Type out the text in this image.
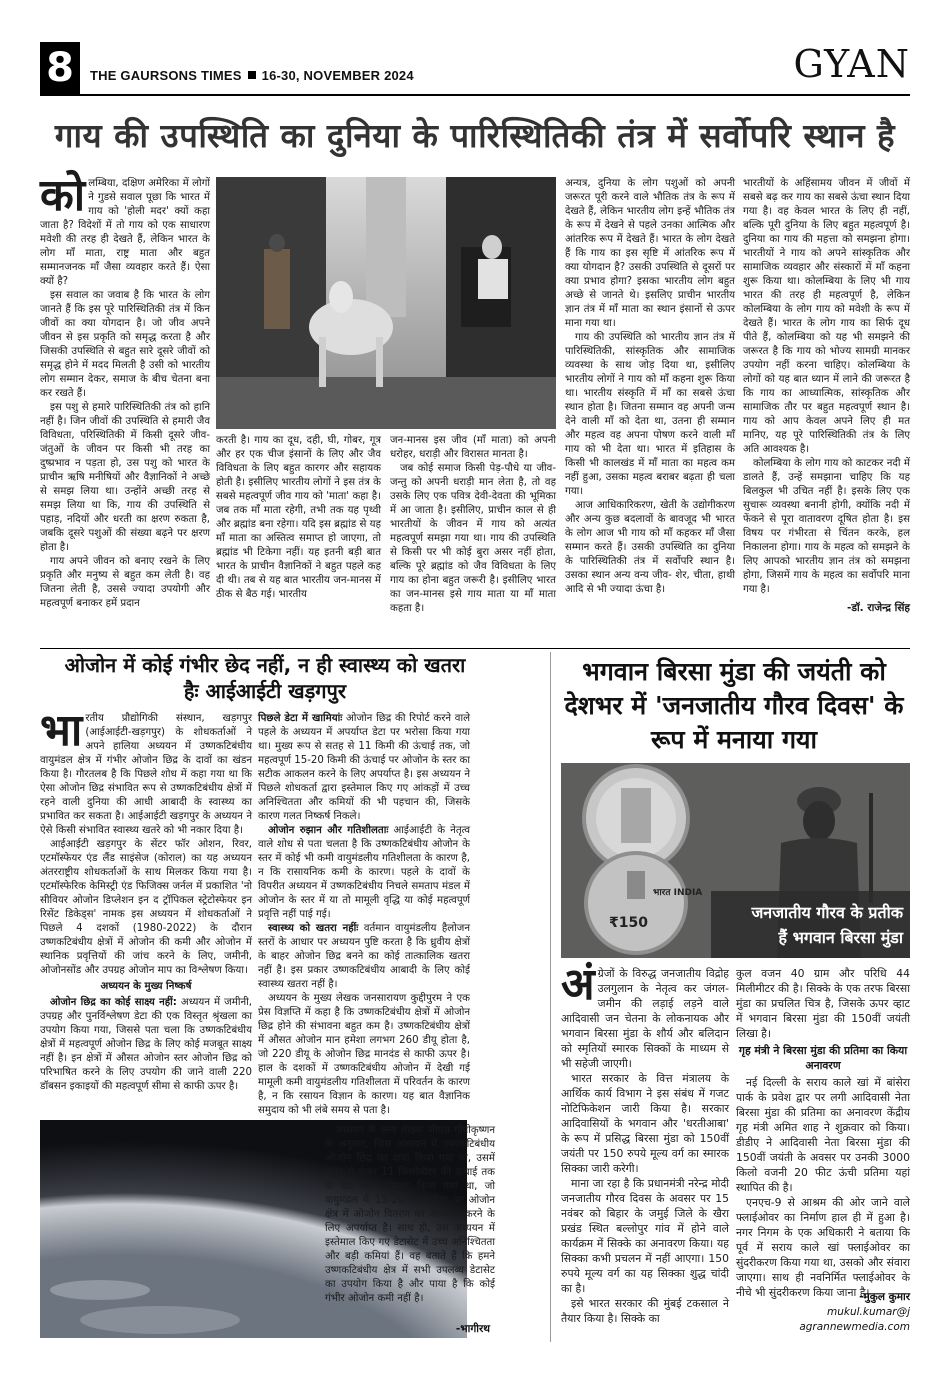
8	THE GAURSONS TIMES 16-30, NOVEMBER 2024	GYAN
गाय की उपस्थिति का दुनिया के पारिस्थितिकी तंत्र में सर्वोपरि स्थान है
को लम्बिया, दक्षिण अमेरिका में लोगों ने गुडसे सवाल पूछा कि भारत में गाय को 'होली मदर' क्यों कहा जाता है? विदेशों में तो गाय को एक साधारण मवेशी की तरह ही देखते हैं, लेकिन भारत के लोग माँ माता, राष्ट्र माता और बहुत सम्मानजनक माँ जैसा व्यवहार करते हैं। ऐसा क्यों है?

इस सवाल का जवाब है कि भारत के लोग जानते हैं कि इस पूरे पारिस्थितिकी तंत्र में किन जीवों का क्या योगदान है। जो जीव अपने जीवन से इस प्रकृति को समृद्ध करता है और जिसकी उपस्थिति से बहुत सारे दूसरे जीवों को समृद्ध होने में मदद मिलती है उसी को भारतीय लोग सम्मान देकर, समाज के बीच चेतना बना कर रखते हैं।

इस पशु से हमारे पारिस्थितिकी तंत्र को हानि नहीं है। जिन जीवों की उपस्थिति से हमारी जैव विविधता, परिस्थितिकी में किसी दूसरे जीव-जंतुओं के जीवन पर किसी भी तरह का दुष्प्रभाव न पड़ता हो, उस पशु को भारत के प्राचीन ऋषि मनीषियों और वैज्ञानिकों ने अच्छे से समझ लिया था। उन्होंने अच्छी तरह से समझ लिया था कि, गाय की उपस्थिति से पहाड़, नदियों और धरती का क्षरण रुकता है, जबकि दूसरे पशुओं की संख्या बढ़ने पर क्षरण होता है।

गाय अपने जीवन को बनाए रखने के लिए प्रकृति और मनुष्य से बहुत कम लेती है। वह जितना लेती है, उससे ज्यादा उपयोगी और महत्वपूर्ण बनाकर हमें प्रदान

करती है। गाय का दूध, दही, घी, गोबर, गूत्र और हर एक चीज इंसानों के लिए और जैव विविधता के लिए बहुत कारगर और सहायक होती है। इसीलिए भारतीय लोगों ने इस तंत्र के सबसे महत्वपूर्ण जीव गाय को 'माता' कहा है। जब तक माँ माता रहेगी, तभी तक यह पृथ्वी और ब्रह्मांड बना रहेगा। यदि इस ब्रह्मांड से यह माँ माता का अस्तित्व समाप्त हो जाएगा, तो ब्रह्मांड भी टिकेगा नहीं। यह इतनी बड़ी बात भारत के प्राचीन वैज्ञानिकों ने बहुत पहले कह दी थी। तब से यह बात भारतीय जन-मानस में ठीक से बैठ गई। भारतीय

जन-मानस इस जीव (माँ माता) को अपनी धरोहर, धराड़ी और विरासत मानता है।

जब कोई समाज किसी पेड़-पौधे या जीव-जन्तु को अपनी धराड़ी मान लेता है, तो वह उसके लिए एक पवित्र देवी-देवता की भूमिका में आ जाता है। इसीलिए, प्राचीन काल से ही भारतीयों के जीवन में गाय को अत्यंत महत्वपूर्ण समझा गया था। गाय की उपस्थिति से किसी पर भी कोई बुरा असर नहीं होता, बल्कि पूरे ब्रह्मांड को जैव विविधता के लिए गाय का होना बहुत जरूरी है। इसीलिए भारत का जन-मानस इसे गाय माता या माँ माता कहता है।

अन्यत्र, दुनिया के लोग पशुओं को अपनी जरूरत पूरी करने वाले भौतिक तंत्र के रूप में देखते हैं, लेकिन भारतीय लोग इन्हें भौतिक तंत्र के रूप में देखने से पहले उनका आत्मिक और आंतरिक रूप में देखते हैं। भारत के लोग देखते हैं कि गाय का इस सृष्टि में आंतरिक रूप में क्या योगदान है? उसकी उपस्थिति से दूसरों पर क्या प्रभाव होगा? इसका भारतीय लोग बहुत अच्छे से जानते थे। इसलिए प्राचीन भारतीय ज्ञान तंत्र में माँ माता का स्थान इंसानों से ऊपर माना गया था।

गाय की उपस्थिति को भारतीय ज्ञान तंत्र में पारिस्थितिकी, सांस्कृतिक और सामाजिक व्यवस्था के साथ जोड़ दिया था, इसीलिए भारतीय लोगों ने गाय को माँ कहना शुरू किया था। भारतीय संस्कृति में माँ का सबसे ऊंचा स्थान होता है। जितना सम्मान वह अपनी जन्म देने वाली माँ को देता था, उतना ही सम्मान और महत्व वह अपना पोषण करने वाली माँ गाय को भी देता था। भारत में इतिहास के किसी भी कालखंड में माँ माता का महत्व कम नहीं हुआ, उसका महत्व बराबर बढ़ता ही चला गया।

आज आधिकारिकरण, खेती के उद्योगीकरण और अन्य कुछ बदलावों के बावजूद भी भारत के लोग आज भी गाय को माँ कहकर माँ जैसा सम्मान करते हैं। उसकी उपस्थिति का दुनिया के पारिस्थितिकी तंत्र में सर्वोपरि स्थान है। उसका स्थान अन्य वन्य जीव- शेर, चीता, हाथी आदि से भी ज्यादा ऊंचा है।

भारतीयों के अहिंसामय जीवन में जीवों में सबसे बढ़ कर गाय का सबसे ऊंचा स्थान दिया गया है। वह केवल भारत के लिए ही नहीं, बल्कि पूरी दुनिया के लिए बहुत महत्वपूर्ण है। दुनिया का गाय की महत्ता को समझना होगा। भारतीयों ने गाय को अपने सांस्कृतिक और सामाजिक व्यवहार और संस्कारों में माँ कहना शुरू किया था। कोलम्बिया के लिए भी गाय भारत की तरह ही महत्वपूर्ण है, लेकिन कोलम्बिया के लोग गाय को मवेशी के रूप में देखते हैं। भारत के लोग गाय का सिर्फ दूध पीते हैं, कोलम्बिया को यह भी समझने की जरूरत है कि गाय को भोज्य सामग्री मानकर उपयोग नहीं करना चाहिए। कोलम्बिया के लोगों को यह बात ध्यान में लाने की जरूरत है कि गाय का आध्यात्मिक, सांस्कृतिक और सामाजिक तौर पर बहुत महत्वपूर्ण स्थान है। गाय को आप केवल अपने लिए ही मत मानिए, यह पूरे पारिस्थितिकी तंत्र के लिए अति आवश्यक है।

कोलम्बिया के लोग गाय को काटकर नदी में डालते हैं, उन्हें समझाना चाहिए कि यह बिलकुल भी उचित नहीं है। इसके लिए एक सुचारू व्यवस्था बनानी होगी, क्योंकि नदी में फेंकने से पूरा वातावरण दूषित होता है। इस विषय पर गंभीरता से चिंतन करके, हल निकालना होगा। गाय के महत्व को समझने के लिए आपको भारतीय ज्ञान तंत्र को समझना होगा, जिसमें गाय के महत्व का सर्वोपरि माना गया है।

-डॉ. राजेन्द्र सिंह
ओजोन में कोई गंभीर छेद नहीं, न ही स्वास्थ्य को खतरा हैः आईआईटी खड़गपुर
भा रतीय प्रौद्योगिकी संस्थान, खड़गपुर (आईआईटी-खड़गपुर) के शोधकर्ताओं ने अपने हालिया अध्ययन में उष्णकटिबंधीय वायुमंडल क्षेत्र में गंभीर ओजोन छिद्र के दावों का खंडन किया है। गौरतलब है कि पिछले शोध में कहा गया था कि ऐसा ओजोन छिद्र संभावित रूप से उष्णकटिबंधीय क्षेत्रों में रहने वाली दुनिया की आधी आबादी के स्वास्थ्य का प्रभावित कर सकता है। आईआईटी खड़गपुर के अध्ययन ने ऐसे किसी संभावित स्वास्थ्य खतरे को भी नकार दिया है।

आईआईटी खड़गपुर के सेंटर फॉर ओशन, रिवर, एटमॉस्फेयर एंड लैंड साइंसेज (कोराल) का यह अध्ययन अंतरराष्ट्रीय शोधकर्ताओं के साथ मिलकर किया गया है। एटमॉस्फेरिक केमिस्ट्री एंड फिजिक्स जर्नल में प्रकाशित 'नो सीवियर ओजोन डिप्लेशन इन द ट्रॉपिकल स्ट्रेटोस्फेयर इन रिसेंट डिकेड्स' नामक इस अध्ययन में शोधकर्ताओं ने पिछले 4 दशकों (1980-2022) के दौरान उष्णकटिबंधीय क्षेत्रों में ओजोन की कमी और ओजोन में स्थानिक प्रवृत्तियों की जांच करने के लिए, जमीनी, ओजोनसोंड और उपग्रह ओजोन माप का विश्लेषण किया।

अध्ययन के मुख्य निष्कर्ष

ओजोन छिद्र का कोई साक्ष्य नहीं: अध्ययन में जमीनी, उपग्रह और पुनर्विश्लेषण डेटा की एक विस्तृत श्रृंखला का उपयोग किया गया, जिससे पता चला कि उष्णकटिबंधीय क्षेत्रों में महत्वपूर्ण ओजोन छिद्र के लिए कोई मजबूत साक्ष्य नहीं है। इन क्षेत्रों में औसत ओजोन स्तर ओजोन छिद्र को परिभाषित करने के लिए उपयोग की जाने वाली 220 डॉबसन इकाइयों की महत्वपूर्ण सीमा से काफी ऊपर है।

पिछले डेटा में खामियांः ओजोन छिद्र की रिपोर्ट करने वाले पहले के अध्ययन में अपर्याप्त डेटा पर भरोसा किया गया था। मुख्य रूप से सतह से 11 किमी की ऊंचाई तक, जो महत्वपूर्ण 15-20 किमी की ऊंचाई पर ओजोन के स्तर का सटीक आकलन करने के लिए अपर्याप्त है। इस अध्ययन ने पिछले शोधकर्ता द्वारा इस्तेमाल किए गए आंकड़ों में उच्च अनिश्चितता और कमियों की भी पहचान की, जिसके कारण गलत निष्कर्ष निकले।

ओजोन रुझान और गतिशीलताः आईआईटी के नेतृत्व वाले शोध से पता चलता है कि उष्णकटिबंधीय ओजोन के स्तर में कोई भी कमी वायुमंडलीय गतिशीलता के कारण है, न कि रासायनिक कमी के कारण। पहले के दावों के विपरीत अध्ययन में उष्णकटिबंधीय निचले समताप मंडल में ओजोन के स्तर में या तो मामूली वृद्धि या कोई महत्वपूर्ण प्रवृत्ति नहीं पाई गई।

स्वास्थ्य को खतरा नहींः वर्तमान वायुमंडलीय हैलोजन स्तरों के आधार पर अध्ययन पुष्टि करता है कि ध्रुवीय क्षेत्रों के बाहर ओजोन छिद्र बनने का कोई तात्कालिक खतरा नहीं है। इस प्रकार उष्णकटिबंधीय आबादी के लिए कोई स्वास्थ्य खतरा नहीं है।

अध्ययन के मुख्य लेखक जनसारायण कुद्दीपुरम ने एक प्रेस विज्ञप्ति में कहा है कि उष्णकटिबंधीय क्षेत्रों में ओजोन छिद्र होने की संभावना बहुत कम है। उष्णकटिबंधीय क्षेत्रों में औसत ओजोन मान हमेशा लगभग 260 डीयू होता है, जो 220 डीयू के ओजोन छिद्र मानदंड से काफी ऊपर है। हाल के दशकों में उष्णकटिबंधीय ओजोन में देखी गई मामूली कमी वायुमंडलीय गतिशीलता में परिवर्तन के कारण है, न कि रसायन विज्ञान के कारण। यह बात वैज्ञानिक समुदाय को भी लंबे समय से पता है।

अध्ययन के अन्य लेखक जीएस गोपीकृष्णन के अनुसार, जिस अध्ययन में उष्णकटिबंधीय ओजोन छिद्र का दावा किया गया था, उसमें सतह से लेकर 11 किलोमीटर की ऊंचाई तक के डेटा का इस्तेमाल किया गया था, जो वायुमंडल में 15-20 किलोमीटर पर ओजोन क्षेत्र में ओजोन वितरण का आकलन करने के लिए अपर्याप्त है। साथ ही, उस अध्ययन में इस्तेमाल किए गए डेटासेट में उच्च अनिश्चितता और बड़ी कमियां हैं। वह बताते हैं कि हमने उष्णकटिबंधीय क्षेत्र में सभी उपलब्ध डेटासेट का उपयोग किया है और पाया है कि कोई गंभीर ओजोन कमी नहीं है।

-भागीरथ
भगवान बिरसा मुंडा की जयंती को देशभर में 'जनजातीय गौरव दिवस' के रूप में मनाया गया
₹150
भारत INDIA
जनजातीय गौरव के प्रतीक
हैं भगवान बिरसा मुंडा
अं ग्रेजों के विरुद्ध जनजातीय विद्रोह उलगुलान के नेतृत्व कर जंगल-जमीन की लड़ाई लड़ने वाले आदिवासी जन चेतना के लोकनायक और भगवान बिरसा मुंडा के शौर्य और बलिदान को स्मृतियों स्मारक सिक्कों के माध्यम से भी सहेजी जाएगी।

भारत सरकार के वित्त मंत्रालय के आर्थिक कार्य विभाग ने इस संबंध में गजट नोटिफिकेशन जारी किया है। सरकार आदिवासियों के भगवान और 'धरतीआबा' के रूप में प्रसिद्ध बिरसा मुंडा को 150वीं जयंती पर 150 रुपये मूल्य वर्ग का स्मारक सिक्का जारी करेगी।

माना जा रहा है कि प्रधानमंत्री नरेन्द्र मोदी जनजातीय गौरव दिवस के अवसर पर 15 नवंबर को बिहार के जमुई जिले के खैरा प्रखंड स्थित बल्लोपुर गांव में होने वाले कार्यक्रम में सिक्के का अनावरण किया। यह सिक्का कभी प्रचलन में नहीं आएगा। 150 रुपये मूल्य वर्ग का यह सिक्का शुद्ध चांदी का है।

इसे भारत सरकार की मुंबई टकसाल ने तैयार किया है। सिक्के का

कुल वजन 40 ग्राम और परिधि 44 मिलीमीटर की है। सिक्के के एक तरफ बिरसा मुंडा का प्रचलित चित्र है, जिसके ऊपर व्हाट में भगवान बिरसा मुंडा की 150वीं जयंती लिखा है।

गृह मंत्री ने बिरसा मुंडा की प्रतिमा का किया अनावरण

नई दिल्ली के सराय काले खां में बांसेरा पार्क के प्रवेश द्वार पर लगी आदिवासी नेता बिरसा मुंडा की प्रतिमा का अनावरण केंद्रीय गृह मंत्री अमित शाह ने शुक्रवार को किया। डीडीए ने आदिवासी नेता बिरसा मुंडा की 150वीं जयंती के अवसर पर उनकी 3000 किलो वजनी 20 फीट ऊंची प्रतिमा यहां स्थापित की है।

एनएच-9 से आश्रम की ओर जाने वाले फ्लाईओवर का निर्माण हाल ही में हुआ है। नगर निगम के एक अधिकारी ने बताया कि पूर्व में सराय काले खां फ्लाईओवर का सुंदरीकरण किया गया था, उसको और संवारा जाएगा। साथ ही नवनिर्मित फ्लाईओवर के नीचे भी सुंदरीकरण किया जाना है।

-मुकुल कुमार
mukul.kumar@j
agrannewmedia.com
